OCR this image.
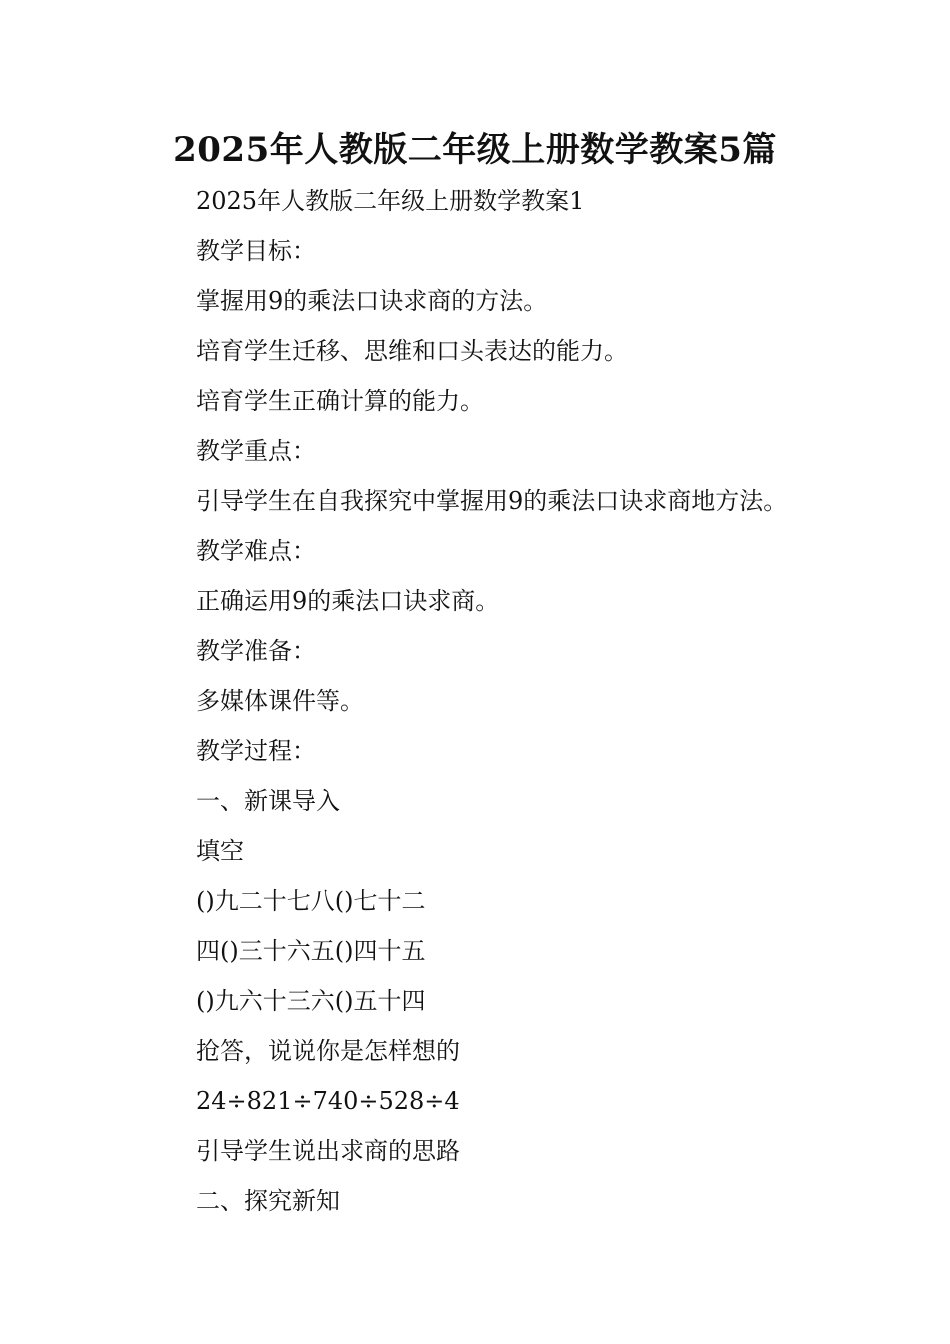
2025年人教版二年级上册数学教案5篇

2025年人教版二年级上册数学教案1

教学目标：

掌握用9的乘法口诀求商的方法。

培育学生迁移、思维和口头表达的能力。

培育学生正确计算的能力。

教学重点：

引导学生在自我探究中掌握用9的乘法口诀求商地方法。

教学难点：

正确运用9的乘法口诀求商。

教学准备：

多媒体课件等。

教学过程：

一、新课导入

填空

()九二十七八()七十二

四()三十六五()四十五

()九六十三六()五十四

抢答，说说你是怎样想的

24÷821÷740÷528÷4

引导学生说出求商的思路

二、探究新知
